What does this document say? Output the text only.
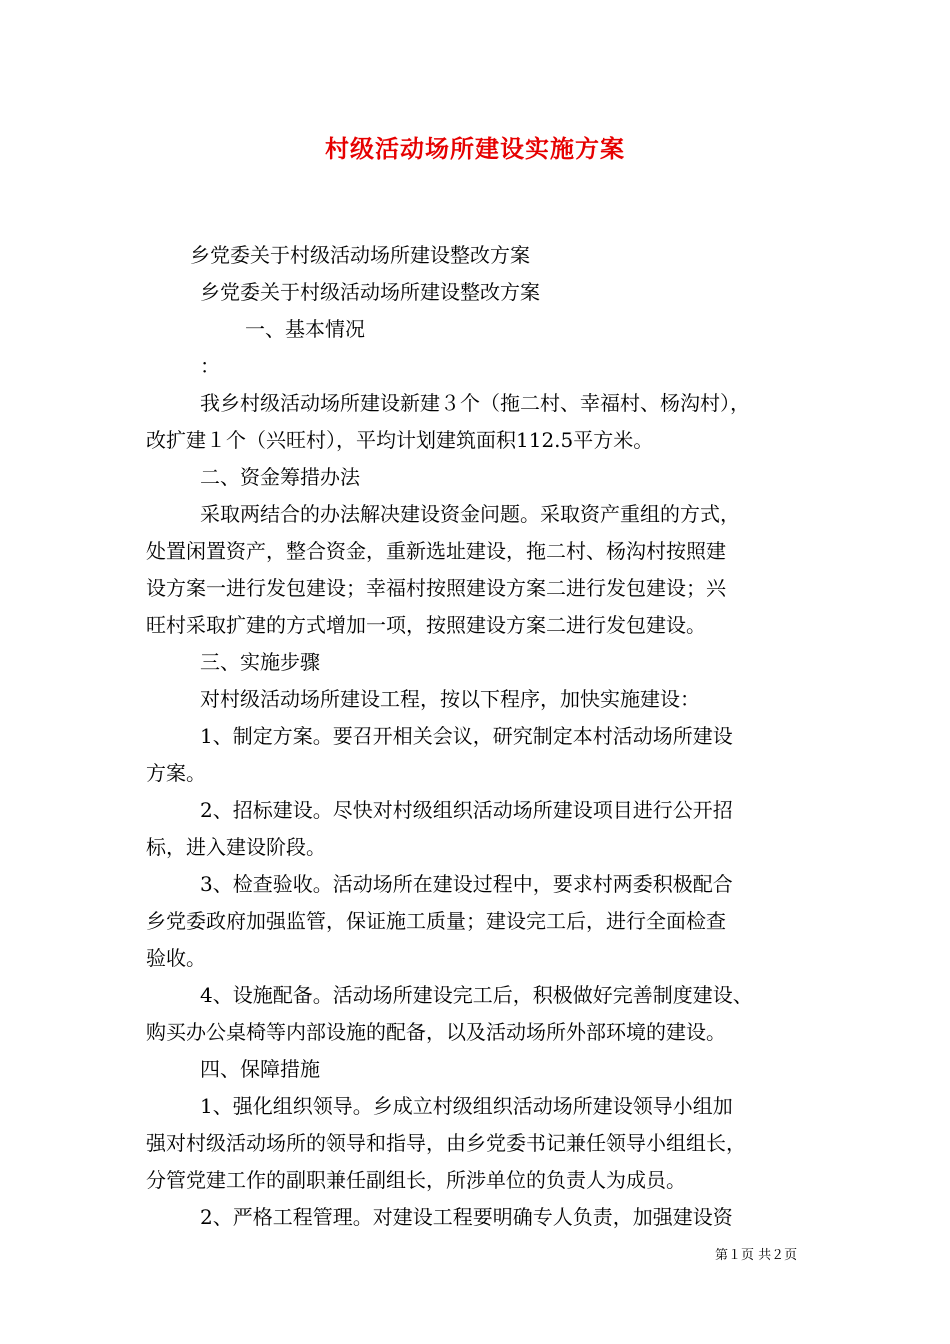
村级活动场所建设实施方案
乡党委关于村级活动场所建设整改方案
乡党委关于村级活动场所建设整改方案
一、基本情况
：
我乡村级活动场所建设新建３个（拖二村、幸福村、杨沟村），
改扩建１个（兴旺村），平均计划建筑面积112.5平方米。
二、资金筹措办法
采取两结合的办法解决建设资金问题。采取资产重组的方式，
处置闲置资产，整合资金，重新选址建设，拖二村、杨沟村按照建
设方案一进行发包建设；幸福村按照建设方案二进行发包建设；兴
旺村采取扩建的方式增加一项，按照建设方案二进行发包建设。
三、实施步骤
对村级活动场所建设工程，按以下程序，加快实施建设：
1、制定方案。要召开相关会议，研究制定本村活动场所建设
方案。
2、招标建设。尽快对村级组织活动场所建设项目进行公开招
标，进入建设阶段。
3、检查验收。活动场所在建设过程中，要求村两委积极配合
乡党委政府加强监管，保证施工质量；建设完工后，进行全面检查
验收。
4、设施配备。活动场所建设完工后，积极做好完善制度建设、
购买办公桌椅等内部设施的配备，以及活动场所外部环境的建设。
四、保障措施
1、强化组织领导。乡成立村级组织活动场所建设领导小组加
强对村级活动场所的领导和指导，由乡党委书记兼任领导小组组长，
分管党建工作的副职兼任副组长，所涉单位的负责人为成员。
2、严格工程管理。对建设工程要明确专人负责，加强建设资
第１页 共２页
